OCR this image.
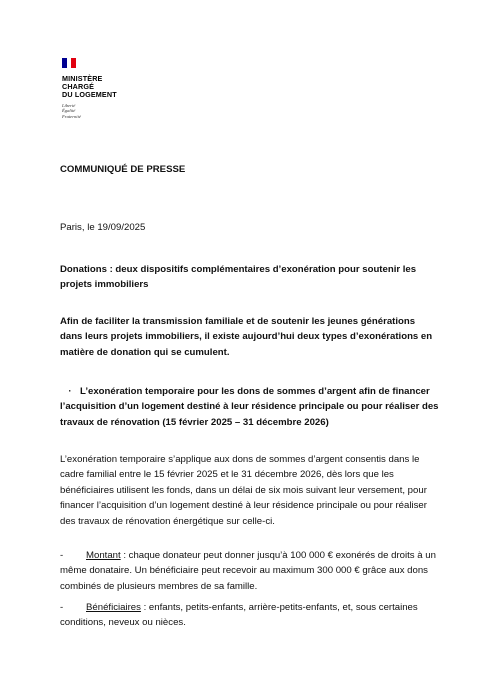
MINISTÈRE
CHARGÉ
DU LOGEMENT
Liberté
Égalité
Fraternité

COMMUNIQUÉ DE PRESSE

Paris, le 19/09/2025

Donations : deux dispositifs complémentaires d’exonération pour soutenir les projets immobiliers

Afin de faciliter la transmission familiale et de soutenir les jeunes générations dans leurs projets immobiliers, il existe aujourd’hui deux types d’exonérations en matière de donation qui se cumulent.

· L’exonération temporaire pour les dons de sommes d’argent afin de financer l’acquisition d’un logement destiné à leur résidence principale ou pour réaliser des travaux de rénovation (15 février 2025 – 31 décembre 2026)

L’exonération temporaire s’applique aux dons de sommes d’argent consentis dans le cadre familial entre le 15 février 2025 et le 31 décembre 2026, dès lors que les bénéficiaires utilisent les fonds, dans un délai de six mois suivant leur versement, pour financer l’acquisition d’un logement destiné à leur résidence principale ou pour réaliser des travaux de rénovation énergétique sur celle-ci.

- Montant : chaque donateur peut donner jusqu’à 100 000 € exonérés de droits à un même donataire. Un bénéficiaire peut recevoir au maximum 300 000 € grâce aux dons combinés de plusieurs membres de sa famille.
- Bénéficiaires : enfants, petits-enfants, arrière-petits-enfants, et, sous certaines conditions, neveux ou nièces.
